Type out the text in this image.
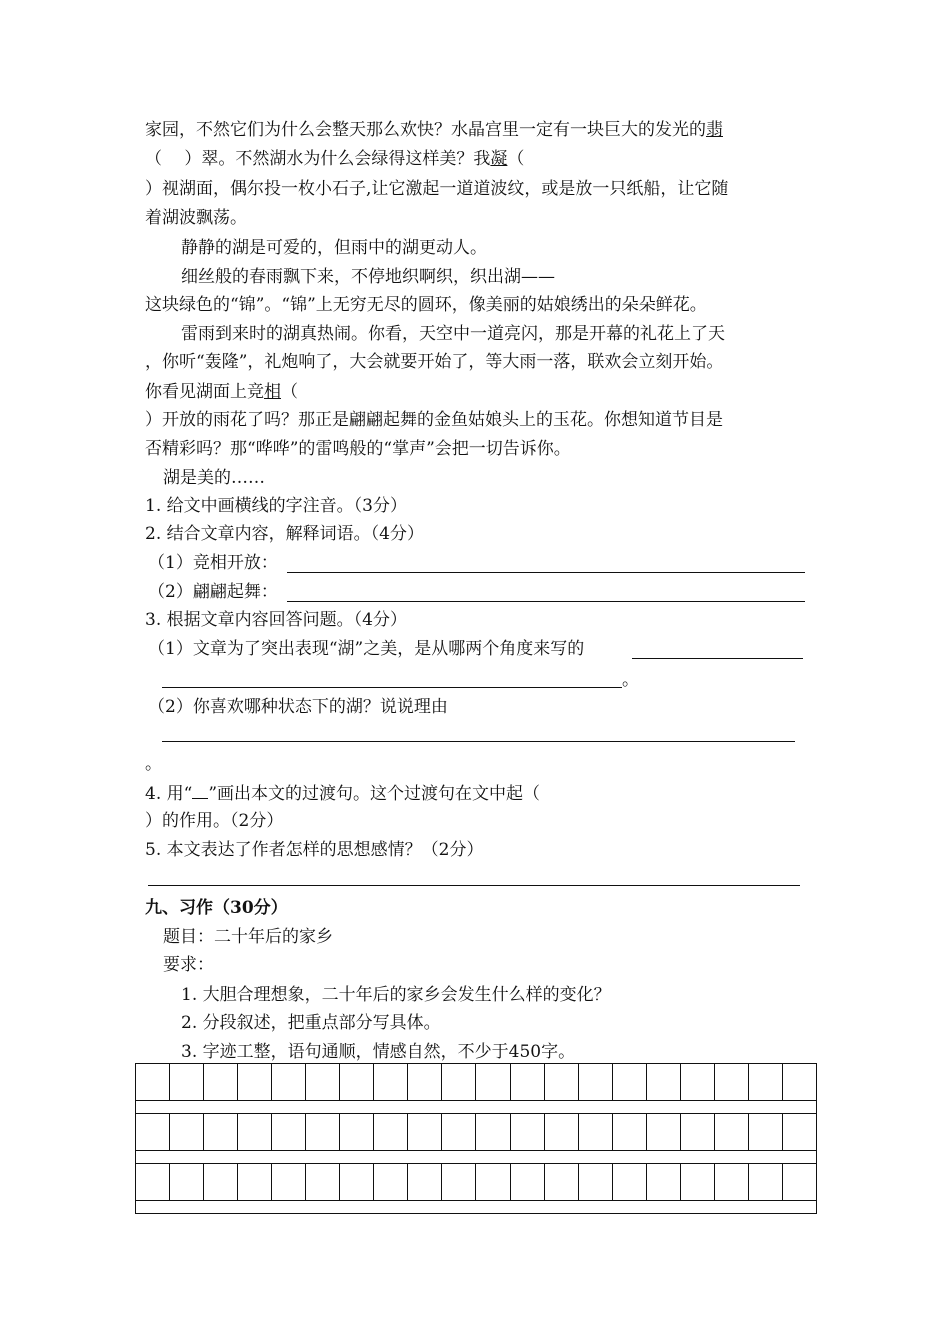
家园，不然它们为什么会整天那么欢快？水晶宫里一定有一块巨大的发光的翡
（　 ）翠。不然湖水为什么会绿得这样美？我凝（
）视湖面，偶尔投一枚小石子,让它激起一道道波纹，或是放一只纸船，让它随
着湖波飘荡。
静静的湖是可爱的，但雨中的湖更动人。
细丝般的春雨飘下来，不停地织啊织，织出湖——
这块绿色的“锦”。“锦”上无穷无尽的圆环，像美丽的姑娘绣出的朵朵鲜花。
雷雨到来时的湖真热闹。你看，天空中一道亮闪，那是开幕的礼花上了天
，你听“轰隆”，礼炮响了，大会就要开始了，等大雨一落，联欢会立刻开始。
你看见湖面上竞相（
）开放的雨花了吗？那正是翩翩起舞的金鱼姑娘头上的玉花。你想知道节目是
否精彩吗？那“哗哗”的雷鸣般的“掌声”会把一切告诉你。
湖是美的……
1. 给文中画横线的字注音。（3分）
2. 结合文章内容，解释词语。（4分）
（1）竞相开放：
（2）翩翩起舞：
3. 根据文章内容回答问题。（4分）
（1）文章为了突出表现“湖”之美，是从哪两个角度来写的
。
（2）你喜欢哪种状态下的湖？说说理由
。
4. 用“ ”画出本文的过渡句。这个过渡句在文中起（
）的作用。（2分）
5. 本文表达了作者怎样的思想感情？（2分）
九、习作（30分）
题目：二十年后的家乡
要求：
1. 大胆合理想象，二十年后的家乡会发生什么样的变化？
2. 分段叙述，把重点部分写具体。
3. 字迹工整，语句通顺，情感自然，不少于450字。
